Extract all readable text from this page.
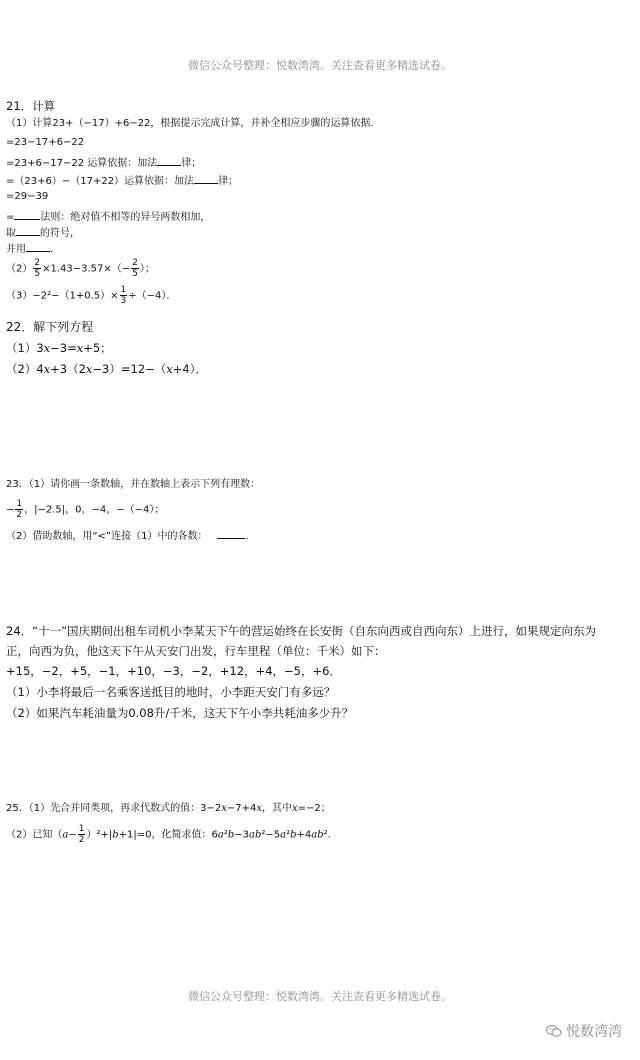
微信公众号整理：悦数湾湾。关注查看更多精选试卷。
21．计算
（1）计算23+（−17）+6−22，根据提示完成计算，并补全相应步骤的运算依据．
=23−17+6−22
=23+6−17−22 运算依据：加法 律；
=（23+6）−（17+22）运算依据：加法 律；
=29−39
=	法则：绝对值不相等的异号两数相加，
取 的符号，
并用 ．
$(2) \frac{2}{5} \times 1.43-3.57\times(- \frac{2}{5}$ ）；
$(3)-2^2-(1+0.5)\times \frac{1}{3} \div(-4)$．
22．解下列方程
（1）3x−3=x+5；
（2）4x+3（2x−3）=12−（x+4）．
23．（1）请你画一条数轴，并在数轴上表示下列有理数：
− $\frac{1}{2}$ ，|−2.5|，0，−4，−（−4）；
（2）借助数轴，用“<”连接（1）中的各数：	．
24．“十一”国庆期间出租车司机小李某天下午的营运始终在长安街（自东向西或自西向东）上进行，如果规定向东为
正，向西为负，他这天下午从天安门出发，行车里程（单位：千米）如下：
+15，−2，+5，−1，+10，−3，−2，+12，+4，−5，+6．
（1）小李将最后一名乘客送抵目的地时，小李距天安门有多远？
（2）如果汽车耗油量为0.08升/千米，这天下午小李共耗油多少升？
25．（1）先合并同类项，再求代数式的值：3−2x−7+4x，其中x=−2；
（2）已知$(a- \frac{1}{2} )^2+|b+1|=0$，化简求值：6a²b−3ab²−5a²b+4ab².
微信公众号整理：悦数湾湾。关注查看更多精选试卷。
悦数湾湾
